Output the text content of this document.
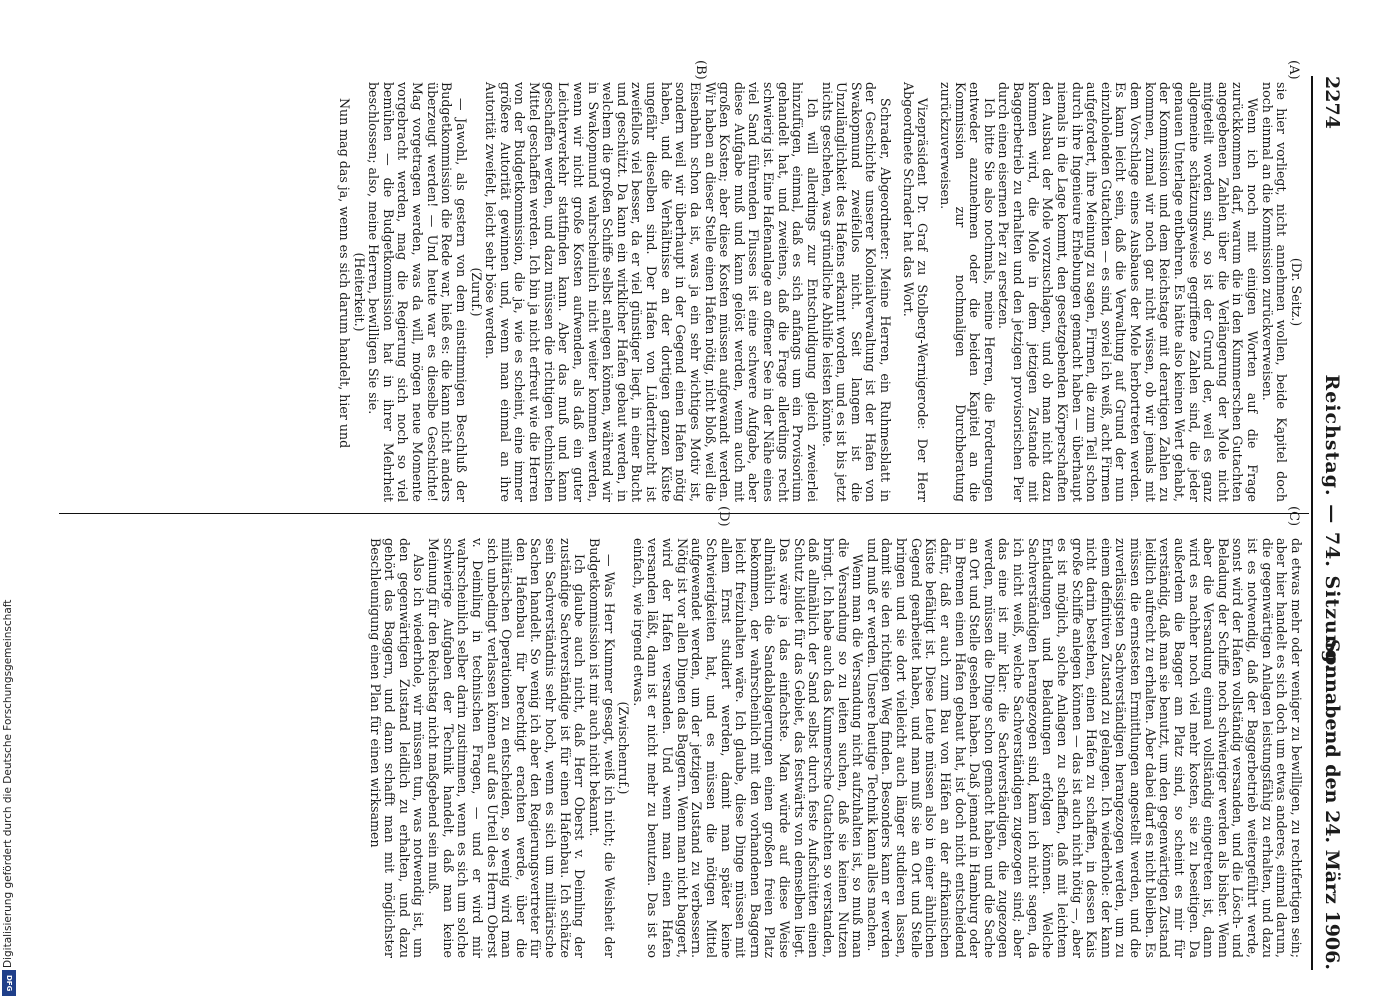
Digitalisierung gefördert durch die Deutsche Forschungsgemeinschaft
DFG
2274
Reichstag. — 74. Sitzung.
Sonnabend den 24. März 1906.
(A)
(B)
(C)
(D)

(Dr. Seitz.)

sie hier vorliegt, nicht annehmen wollen, beide Kapitel doch noch einmal an die Kommission zurückverweisen.

Wenn ich noch mit einigen Worten auf die Frage zurückkommen darf, warum die in den Kummerschen Gutachten angegebenen Zahlen über die Verlängerung der Mole nicht mitgeteilt worden sind, so ist der Grund der, weil es ganz allgemeine schätzungsweise gegriffene Zahlen sind, die jeder genauen Unterlage entbehren. Es hätte also keinen Wert gehabt, der Kommission und dem Reichstage mit derartigen Zahlen zu kommen, zumal wir noch gar nicht wissen, ob wir jemals mit dem Vorschlage eines Ausbaues der Mole herbortreten werden. Es kann leicht sein, daß die Verwaltung auf Grund der nun einzuholenden Gutachten — es sind, soviel ich weiß, acht Firmen aufgefordert, ihre Meinung zu sagen, Firmen, die zum Teil schon durch ihre Ingenieure Erhebungen gemacht haben — überhaupt niemals in die Lage kommt, den gesetzgebenden Körperschaften den Ausbau der Mole vorzuschlagen, und ob man nicht dazu kommen wird, die Mole in dem jetzigen Zustande mit Baggerbetrieb zu erhalten und den jetzigen provisorischen Pier durch einen eisernen Pier zu ersetzen.

Ich bitte Sie also nochmals, meine Herren, die Forderungen entweder anzunehmen oder die beiden Kapitel an die Kommission zur nochmaligen Durchberatung zurückzuverweisen.

Vizepräsident Dr. Graf zu Stolberg-Wernigerode: Der Herr Abgeordnete Schrader hat das Wort.

Schrader, Abgeordneter: Meine Herren, ein Ruhmesblatt in der Geschichte unserer Kolonialverwaltung ist der Hafen von Swakopmund zweifellos nicht. Seit langem ist die Unzulänglichkeit des Hafens erkannt worden, und es ist bis jetzt nichts geschehen, was gründliche Abhilfe leisten könnte.

Ich will allerdings zur Entschuldigung gleich zweierlei hinzufügen, einmal, daß es sich anfangs um ein Provisorium gehandelt hat, und zweitens, daß die Frage allerdings recht schwierig ist. Eine Hafenanlage an offener See in der Nähe eines viel Sand führenden Flusses ist eine schwere Aufgabe, aber diese Aufgabe muß und kann gelöst werden, wenn auch mit großen Kosten; aber diese Kosten müssen aufgewandt werden. Wir haben an dieser Stelle einen Hafen nötig, nicht bloß, weil die Eisenbahn schon da ist, was ja ein sehr wichtiges Motiv ist, sondern weil wir überhaupt in der Gegend einen Hafen nötig haben, und die Verhältnisse an der dortigen ganzen Küste ungefähr dieselben sind. Der Hafen von Lüderitzbucht ist zweifellos viel besser, da er viel günstiger liegt, in einer Bucht und geschützt. Da kann ein wirklicher Hafen gebaut werden, in welchem die großen Schiffe selbst anlegen können, während wir in Swakopmund wahrscheinlich nicht weiter kommen werden, wenn wir nicht große Kosten aufwenden, als daß ein guter Leichterverkehr stattfinden kann. Aber das muß und kann geschaffen werden, und dazu müssen die richtigen technischen Mittel geschaffen werden. Ich bin ja nicht erfreut wie die Herren von der Budgetkommission, die ja, wie es scheint, eine immer größere Autorität gewinnen und, wenn man einmal an ihre Autorität zweifelt, leicht sehr böse werden.

(Zuruf.)

— Jawohl, als gestern von dem einstimmigen Beschluß der Budgetkommission die Rede war, hieß es: die kann nicht anders überzeugt werden! — Und heute war es dieselbe Geschichte! Mag vorgetragen werden, was da will, mögen neue Momente vorgebracht werden, mag die Regierung sich noch so viel bemühen — die Budgetkommission hat in ihrer Mehrheit beschlossen; also, meine Herren, bewilligen Sie sie.

(Heiterkeit.)

Nun mag das ja, wenn es sich darum handelt, hier und

da etwas mehr oder weniger zu bewilligen, zu rechtfertigen sein; aber hier handelt es sich doch um etwas anderes, einmal darum, die gegenwärtigen Anlagen leistungsfähig zu erhalten, und dazu ist es notwendig, daß der Baggerbetrieb weitergeführt werde, sonst wird der Hafen vollständig versanden, und die Lösch- und Beladung der Schiffe noch schwieriger werden als bisher. Wenn aber die Versandung einmal vollständig eingetreten ist, dann wird es nachher noch viel mehr kosten, sie zu beseitigen. Da außerdem die Bagger am Platz sind, so scheint es mir für verständig, daß man sie benutzt, um den gegenwärtigen Zustand leidlich aufrecht zu erhalten. Aber dabei darf es nicht bleiben. Es müssen die ernstesten Ermittlungen angestellt werden, und die zuverlässigsten Sachverständigen herangezogen werden, um zu einem definitiven Zustand zu gelangen. Ich wiederhole: der kann nicht darin bestehen, einen Hafen zu schaffen, in dessen Kais große Schiffe anlegen können — das ist auch nicht nötig —, aber es ist möglich, solche Anlagen zu schaffen, daß mit leichtem Entladungen und Beladungen erfolgen können. Welche Sachverständigen herangezogen sind, kann ich nicht sagen, da ich nicht weiß, welche Sachverständigen zugezogen sind; aber das eine ist mir klar: die Sachverständigen, die zugezogen werden, müssen die Dinge schon gemacht haben und die Sache an Ort und Stelle gesehen haben. Daß jemand in Hamburg oder in Bremen einen Hafen gebaut hat, ist doch nicht entscheidend dafür, daß er auch zum Bau von Häfen an der afrikanischen Küste befähigt ist. Diese Leute müssen also in einer ähnlichen Gegend gearbeitet haben, und man muß sie an Ort und Stelle bringen und sie dort vielleicht auch länger studieren lassen, damit sie den richtigen Weg finden. Besonders kann er werden und muß er werden. Unsere heutige Technik kann alles machen.

Wenn man die Versandung nicht aufzuhalten ist, so muß man die Versandung so zu leiten suchen, daß sie keinen Nutzen bringt. Ich habe auch das Kummersche Gutachten so verstanden, daß allmählich der Sand selbst durch feste Aufschütten einen Schutz bildet für das Gebiet, das festwärts von demselben liegt. Das wäre ja das einfachste. Man würde auf diese Weise allmählich die Sandablagerungen einen großen freien Platz bekommen, der wahrscheinlich mit den vorhandenen Baggern leicht freizuhalten wäre. Ich glaube, diese Dinge müssen mit allem Ernst studiert werden, damit man später keine Schwierigkeiten hat, und es müssen die nötigen Mittel aufgewendet werden, um der jetzigen Zustand zu verbessern. Nötig ist vor allen Dingen das Baggern. Wenn man nicht baggert, wird der Hafen versanden. Und wenn man einen Hafen versanden läßt, dann ist er nicht mehr zu benutzen. Das ist so einfach, wie irgend etwas.

(Zwischenruf.)

— Was Herr Kummer gesagt, weiß ich nicht; die Weisheit der Budgetkommission ist mir auch nicht bekannt.

Ich glaube auch nicht, daß Herr Oberst v. Deimling der zuständige Sachverständige ist für einen Hafenbau. Ich schätze sein Sachverständnis sehr hoch, wenn es sich um militärische Sachen handelt. So wenig ich aber den Regierungsvertreter für den Hafenbau für berechtigt erachten werde, über die militärischen Operationen zu entscheiden, so wenig wird man sich unbedingt verlassen können auf das Urteil des Herrn Oberst v. Deimling in technischen Fragen, — und er wird mir wahrscheinlich selber darin zustimmen, wenn es sich um solche schwierige Aufgaben der Technik handelt, daß man keine Meinung für den Reichstag nicht maßgebend sein muß.

Also ich wiederhole, wir müssen tun, was notwendig ist, um den gegenwärtigen Zustand leidlich zu erhalten, und dazu gehört das Baggern, und dann schafft man mit möglichster Beschleunigung einen Plan für einen wirksamen
